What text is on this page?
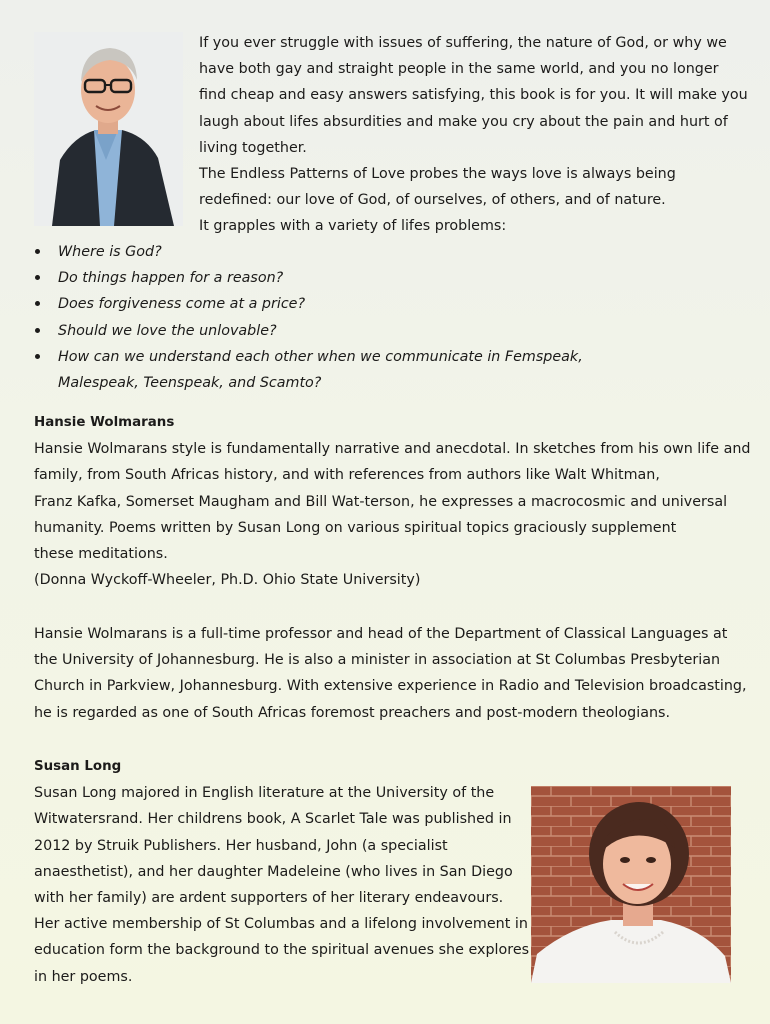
If you ever struggle with issues of suffering, the nature of God, or why we
have both gay and straight people in the same world, and you no longer
find cheap and easy answers satisfying, this book is for you. It will make you
laugh about lifes absurdities and make you cry about the pain and hurt of
living together.
The Endless Patterns of Love probes the ways love is always being
redefined: our love of God, of ourselves, of others, and of nature.
It grapples with a variety of lifes problems:
Where is God?
Do things happen for a reason?
Does forgiveness come at a price?
Should we love the unlovable?
How can we understand each other when we communicate in Femspeak,
Malespeak, Teenspeak, and Scamto?
Hansie Wolmarans
Hansie Wolmarans style is fundamentally narrative and anecdotal. In sketches from his own life and
family, from South Africas history, and with references from authors like Walt Whitman,
Franz Kafka, Somerset Maugham and Bill Wat-terson, he expresses a macrocosmic and universal
humanity. Poems written by Susan Long on various spiritual topics graciously supplement
these meditations.
(Donna Wyckoff-Wheeler, Ph.D. Ohio State University)
Hansie Wolmarans is a full-time professor and head of the Department of Classical Languages at
the University of Johannesburg. He is also a minister in association at St Columbas Presbyterian
Church in Parkview, Johannesburg. With extensive experience in Radio and Television broadcasting,
he is regarded as one of South Africas foremost preachers and post-modern theologians.
Susan Long
Susan Long majored in English literature at the University of the
Witwatersrand. Her childrens book, A Scarlet Tale was published in
2012 by Struik Publishers. Her husband, John (a specialist
anaesthetist), and her daughter Madeleine (who lives in San Diego
with her family) are ardent supporters of her literary endeavours.
Her active membership of St Columbas and a lifelong involvement in
education form the background to the spiritual avenues she explores
in her poems.
